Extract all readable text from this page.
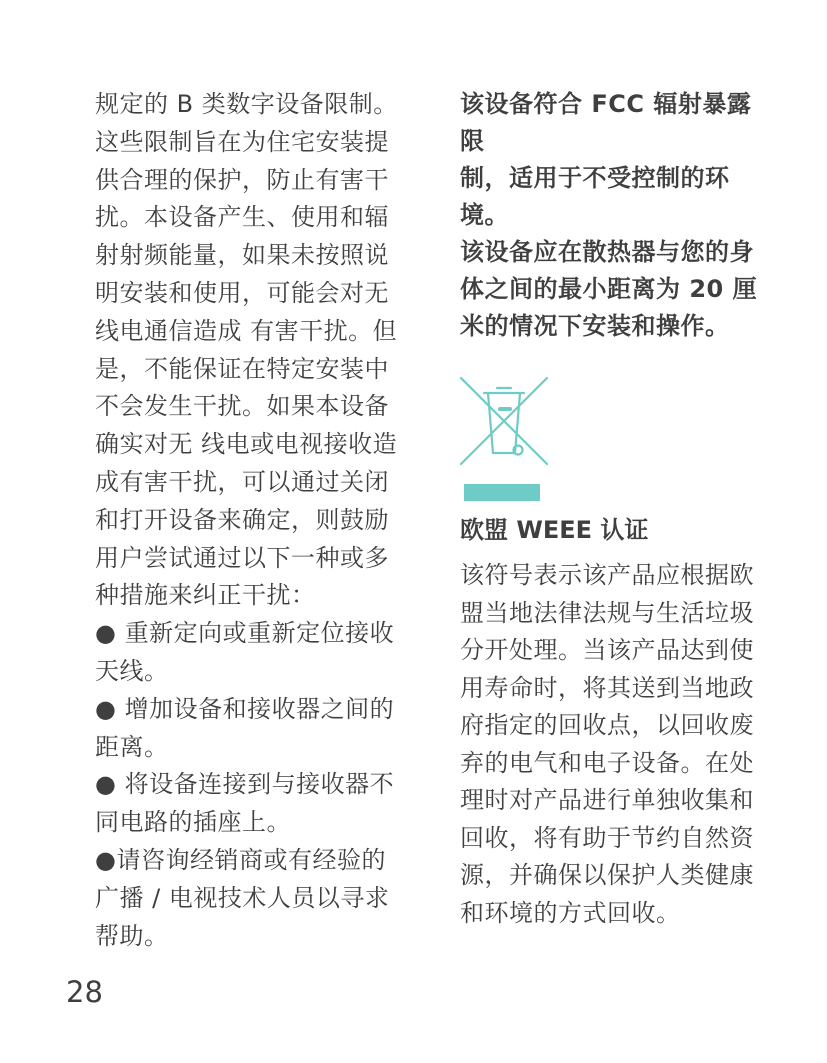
规定的 B 类数字设备限制。

这些限制旨在为住宅安装提

供合理的保护，防止有害干

扰。本设备产生、使用和辐

射射频能量，如果未按照说

明安装和使用，可能会对无

线电通信造成 有害干扰。但

是，不能保证在特定安装中

不会发生干扰。如果本设备

确实对无 线电或电视接收造

成有害干扰，可以通过关闭

和打开设备来确定，则鼓励

用户尝试通过以下一种或多

种措施来纠正干扰：

● 重新定向或重新定位接收

天线。

● 增加设备和接收器之间的

距离。

● 将设备连接到与接收器不

同电路的插座上。

●请咨询经销商或有经验的

广播 / 电视技术人员以寻求

帮助。

该设备符合 FCC 辐射暴露限

制，适用于不受控制的环境。

该设备应在散热器与您的身

体之间的最小距离为 20 厘

米的情况下安装和操作。

欧盟 WEEE 认证

该符号表示该产品应根据欧

盟当地法律法规与生活垃圾

分开处理。当该产品达到使

用寿命时，将其送到当地政

府指定的回收点，以回收废

弃的电气和电子设备。在处

理时对产品进行单独收集和

回收，将有助于节约自然资

源，并确保以保护人类健康

和环境的方式回收。

28
